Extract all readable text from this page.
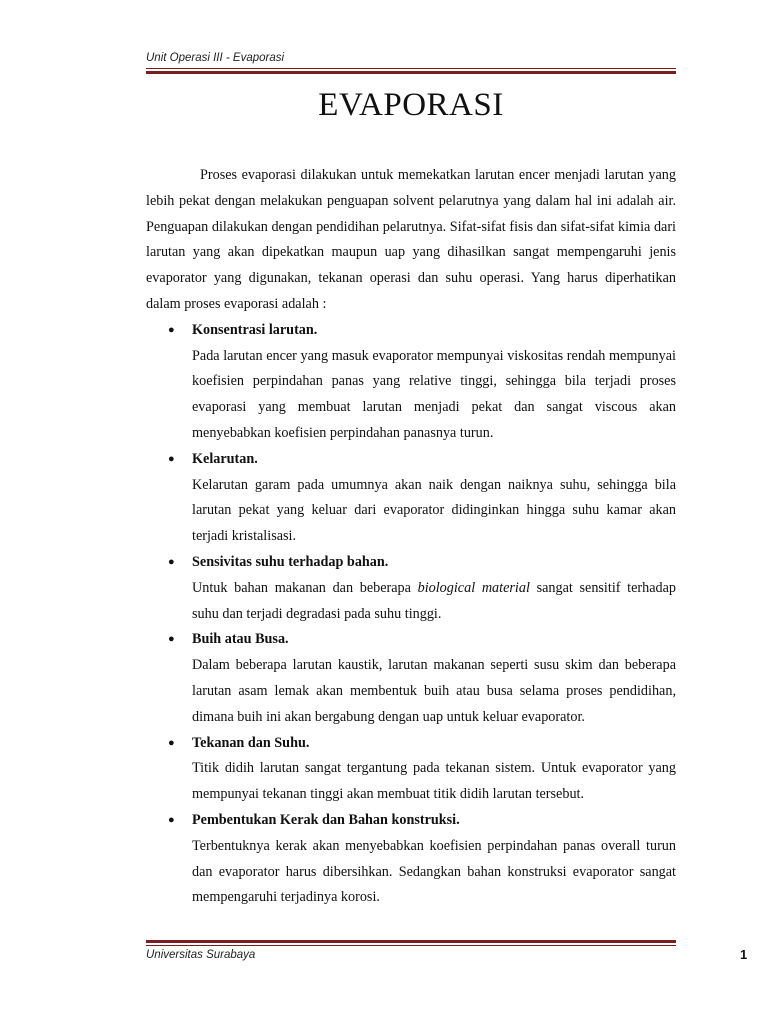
Unit Operasi III - Evaporasi
EVAPORASI

Proses evaporasi dilakukan untuk memekatkan larutan encer menjadi larutan yang lebih pekat dengan melakukan penguapan solvent pelarutnya yang dalam hal ini adalah air. Penguapan dilakukan dengan pendidihan pelarutnya. Sifat-sifat fisis dan sifat-sifat kimia dari larutan yang akan dipekatkan maupun uap yang dihasilkan sangat mempengaruhi jenis evaporator yang digunakan, tekanan operasi dan suhu operasi. Yang harus diperhatikan dalam proses evaporasi adalah :

● Konsentrasi larutan.
Pada larutan encer yang masuk evaporator mempunyai viskositas rendah mempunyai koefisien perpindahan panas yang relative tinggi, sehingga bila terjadi proses evaporasi yang membuat larutan menjadi pekat dan sangat viscous akan menyebabkan koefisien perpindahan panasnya turun.
● Kelarutan.
Kelarutan garam pada umumnya akan naik dengan naiknya suhu, sehingga bila larutan pekat yang keluar dari evaporator didinginkan hingga suhu kamar akan terjadi kristalisasi.
● Sensivitas suhu terhadap bahan.
Untuk bahan makanan dan beberapa biological material sangat sensitif terhadap suhu dan terjadi degradasi pada suhu tinggi.
● Buih atau Busa.
Dalam beberapa larutan kaustik, larutan makanan seperti susu skim dan beberapa larutan asam lemak akan membentuk buih atau busa selama proses pendidihan, dimana buih ini akan bergabung dengan uap untuk keluar evaporator.
● Tekanan dan Suhu.
Titik didih larutan sangat tergantung pada tekanan sistem. Untuk evaporator yang mempunyai tekanan tinggi akan membuat titik didih larutan tersebut.
● Pembentukan Kerak dan Bahan konstruksi.
Terbentuknya kerak akan menyebabkan koefisien perpindahan panas overall turun dan evaporator harus dibersihkan. Sedangkan bahan konstruksi evaporator sangat mempengaruhi terjadinya korosi.
Universitas Surabaya	1
